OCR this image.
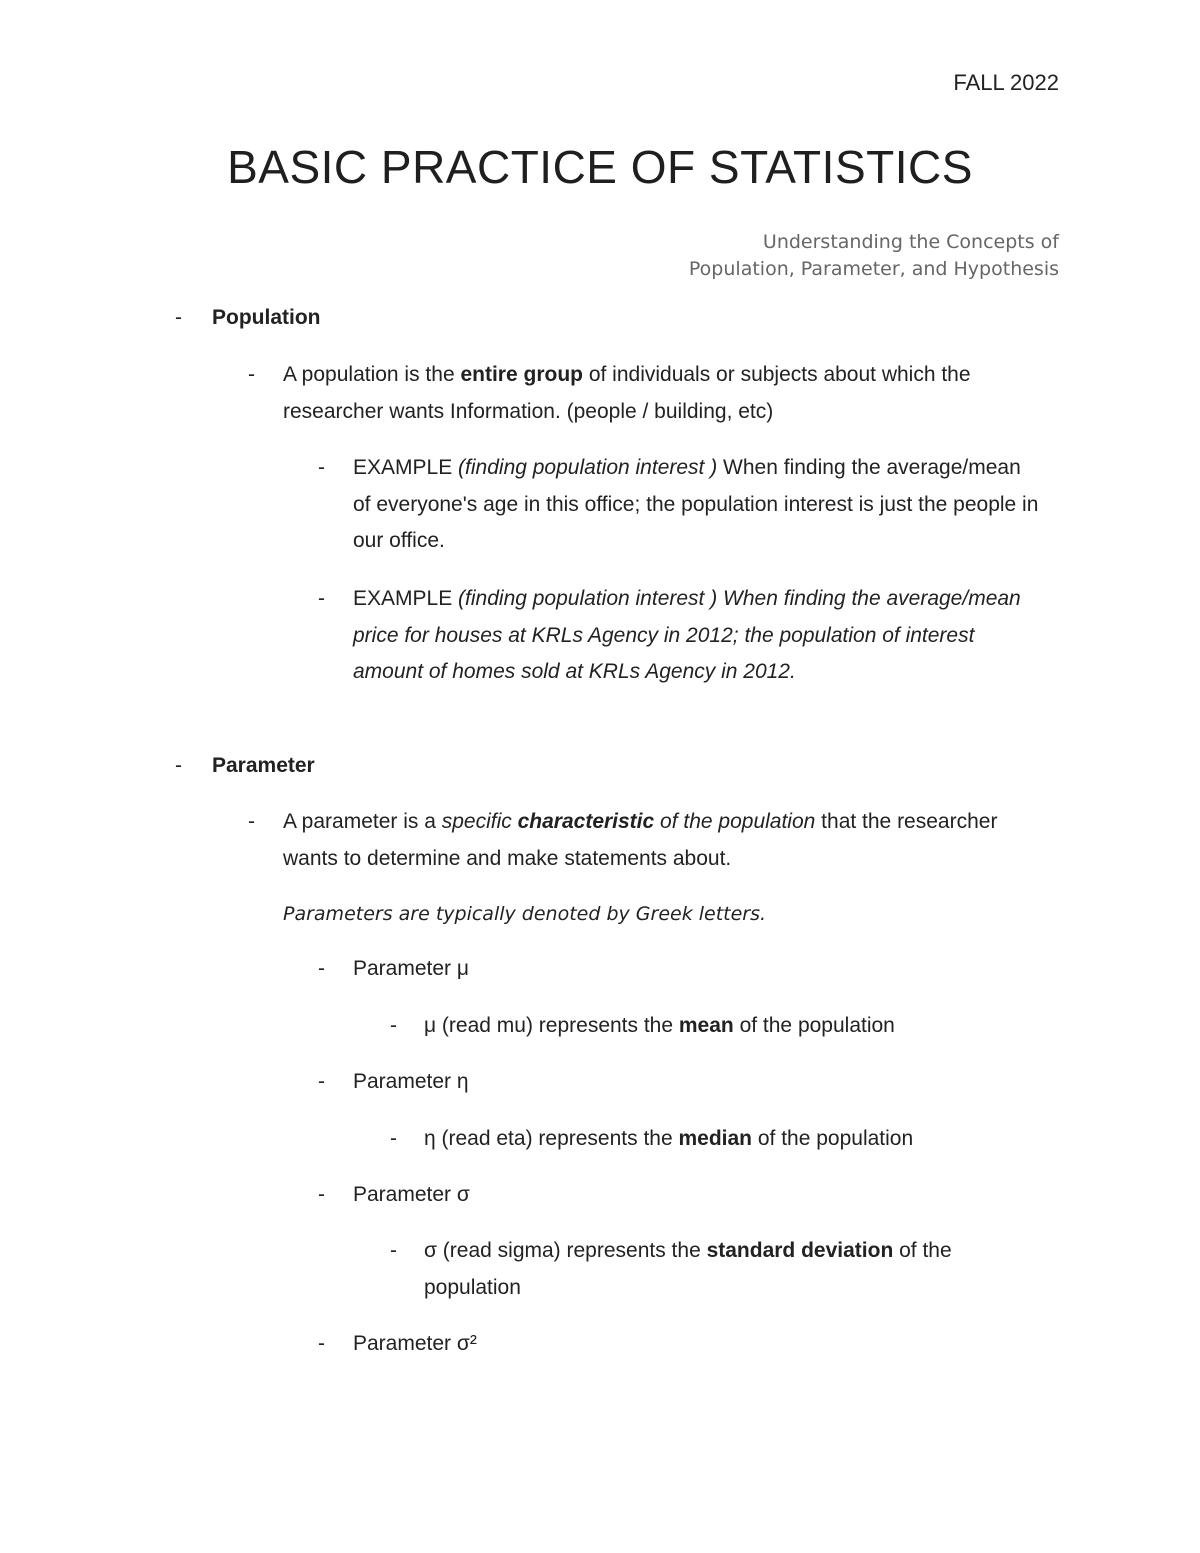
FALL 2022
BASIC PRACTICE OF STATISTICS
Understanding the Concepts of
Population, Parameter, and Hypothesis
- Population
- A population is the entire group of individuals or subjects about which the researcher wants Information. (people / building, etc)
- EXAMPLE (finding population interest ) When finding the average/mean of everyone's age in this office; the population interest is just the people in our office.
- EXAMPLE (finding population interest ) When finding the average/mean price for houses at KRLs Agency in 2012; the population of interest amount of homes sold at KRLs Agency in 2012.
- Parameter
- A parameter is a specific characteristic of the population that the researcher wants to determine and make statements about.
Parameters are typically denoted by Greek letters.
- Parameter μ
- μ (read mu) represents the mean of the population
- Parameter η
- η (read eta) represents the median of the population
- Parameter σ
- σ (read sigma) represents the standard deviation of the population
- Parameter σ²
